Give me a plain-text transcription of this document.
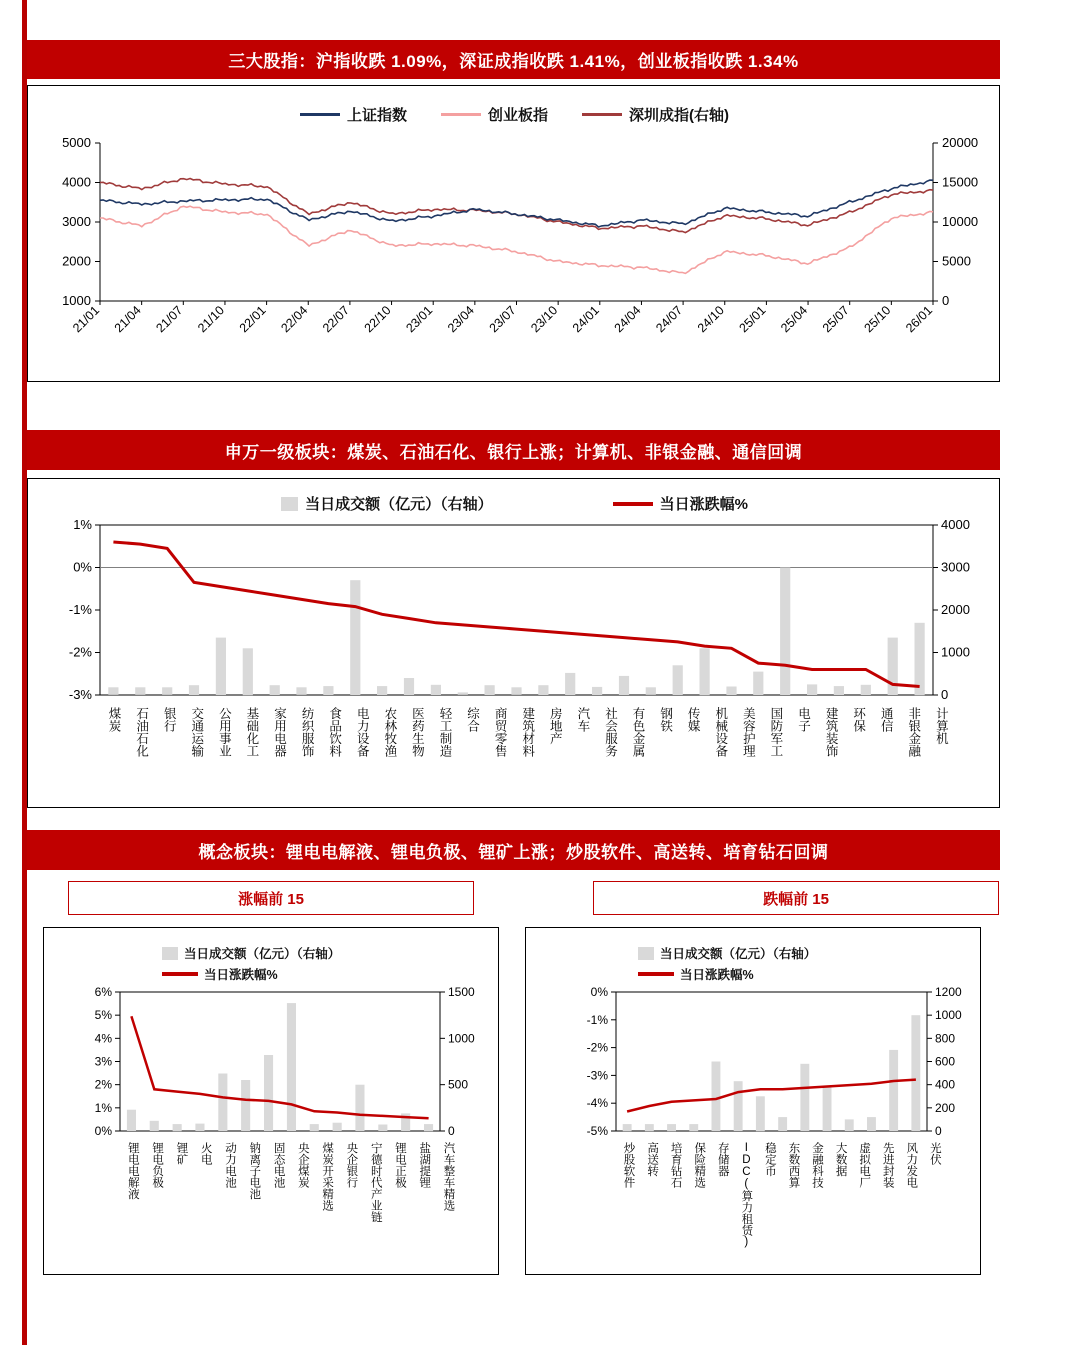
三大股指：沪指收跌 1.09%，深证成指收跌 1.41%，创业板指收跌 1.34%
上证指数	创业板指	深圳成指(右轴)
1000
2000
3000
4000
5000
0
5000
10000
15000
20000
21/01 21/04 21/07 21/10 22/01 22/04 22/07 22/10 23/01 23/04 23/07 23/10 24/01 24/04 24/07 24/10 25/01 25/04 25/07 25/10 26/01
申万一级板块：煤炭、石油石化、银行上涨；计算机、非银金融、通信回调
当日成交额（亿元）（右轴）	当日涨跌幅%
1%
0%
-1%
-2%
-3%	0
1000
2000
3000
4000
煤炭 石油石化 银行 交通运输 公用事业 基础化工 家用电器 纺织服饰 食品饮料 电力设备 农林牧渔 医药生物 轻工制造 综合 商贸零售 建筑材料 房地产 汽车 社会服务 有色金属 钢铁 传媒 机械设备 美容护理 国防军工 电子 建筑装饰 环保 通信 非银金融 计算机
概念板块：锂电电解液、锂电负极、锂矿上涨；炒股软件、高送转、培育钻石回调
涨幅前 15	跌幅前 15
当日成交额（亿元）（右轴）
当日涨跌幅%
6%
5%
4%
3%
2%
1%
0%	0
500
1000
1500
锂电电解液 锂电负极 锂矿 火电 动力电池 钠离子电池 固态电池 央企煤炭 煤炭开采精选 央企银行 宁德时代产业链 锂电正极 盐湖提锂 汽车整车精选
当日成交额（亿元）（右轴）
当日涨跌幅%
0%
-1%
-2%
-3%
-4%
-5%	0
200
400
600
800
1000
1200
炒股软件 高送转 培育钻石 保险精选 存储器 IDC(算力租赁) 稳定币 东数西算 金融科技 大数据 虚拟电厂 先进封装 风力发电 光伏
